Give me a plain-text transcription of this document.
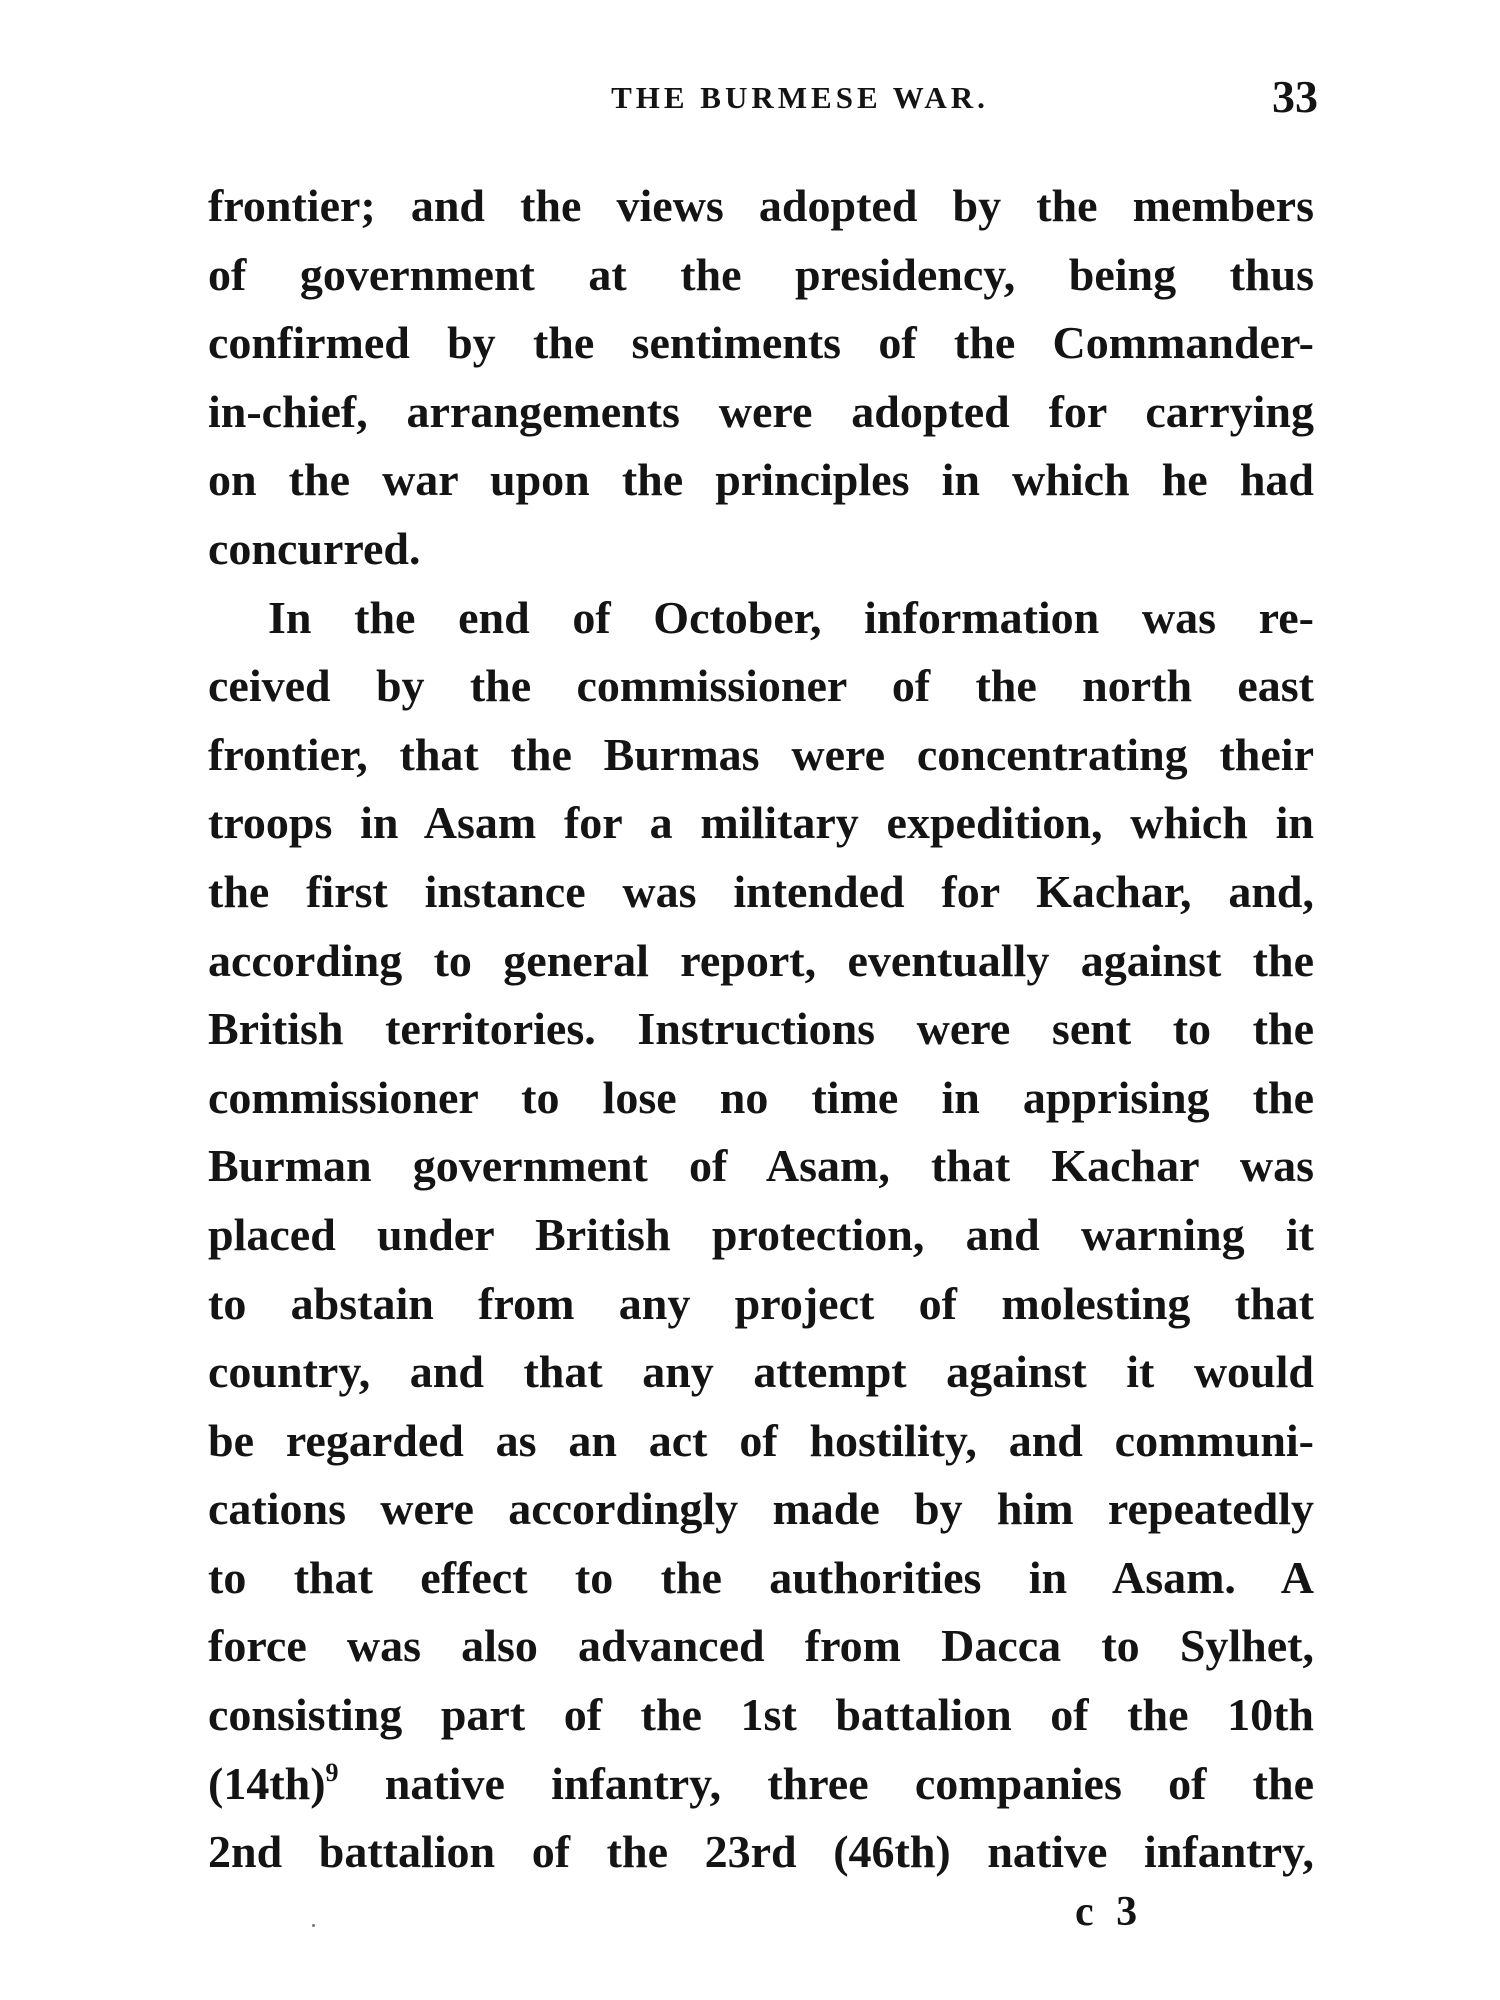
THE BURMESE WAR.	33
frontier; and the views adopted by the members
of government at the presidency, being thus
confirmed by the sentiments of the Commander-
in-chief, arrangements were adopted for carrying
on the war upon the principles in which he had
concurred.
In the end of October, information was re-
ceived by the commissioner of the north east
frontier, that the Burmas were concentrating their
troops in Asam for a military expedition, which in
the first instance was intended for Kachar, and,
according to general report, eventually against the
British territories. Instructions were sent to the
commissioner to lose no time in apprising the
Burman government of Asam, that Kachar was
placed under British protection, and warning it
to abstain from any project of molesting that
country, and that any attempt against it would
be regarded as an act of hostility, and communi-
cations were accordingly made by him repeatedly
to that effect to the authorities in Asam. A
force was also advanced from Dacca to Sylhet,
consisting part of the 1st battalion of the 10th
(14th)$^9$ native infantry, three companies of the
2nd battalion of the 23rd (46th) native infantry,
c 3
